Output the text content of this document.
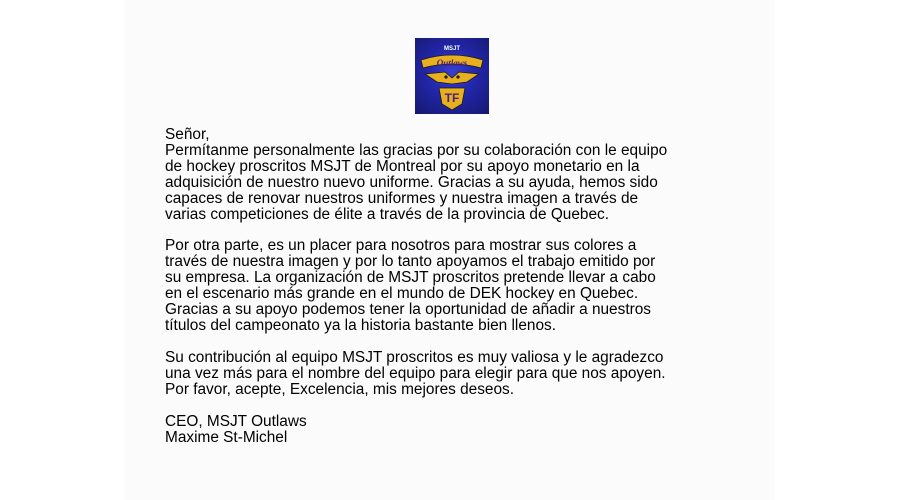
MSJT
Outlaws
TF

Señor,

Permítanme personalmente las gracias por su colaboración con le equipo
de hockey proscritos MSJT de Montreal por su apoyo monetario en la
adquisición de nuestro nuevo uniforme. Gracias a su ayuda, hemos sido
capaces de renovar nuestros uniformes y nuestra imagen a través de
varias competiciones de élite a través de la provincia de Quebec.

Por otra parte, es un placer para nosotros para mostrar sus colores a
través de nuestra imagen y por lo tanto apoyamos el trabajo emitido por
su empresa. La organización de MSJT proscritos pretende llevar a cabo
en el escenario más grande en el mundo de DEK hockey en Quebec.
Gracias a su apoyo podemos tener la oportunidad de añadir a nuestros
títulos del campeonato ya la historia bastante bien llenos.

Su contribución al equipo MSJT proscritos es muy valiosa y le agradezco
una vez más para el nombre del equipo para elegir para que nos apoyen.
Por favor, acepte, Excelencia, mis mejores deseos.

CEO, MSJT Outlaws

Maxime St-Michel
